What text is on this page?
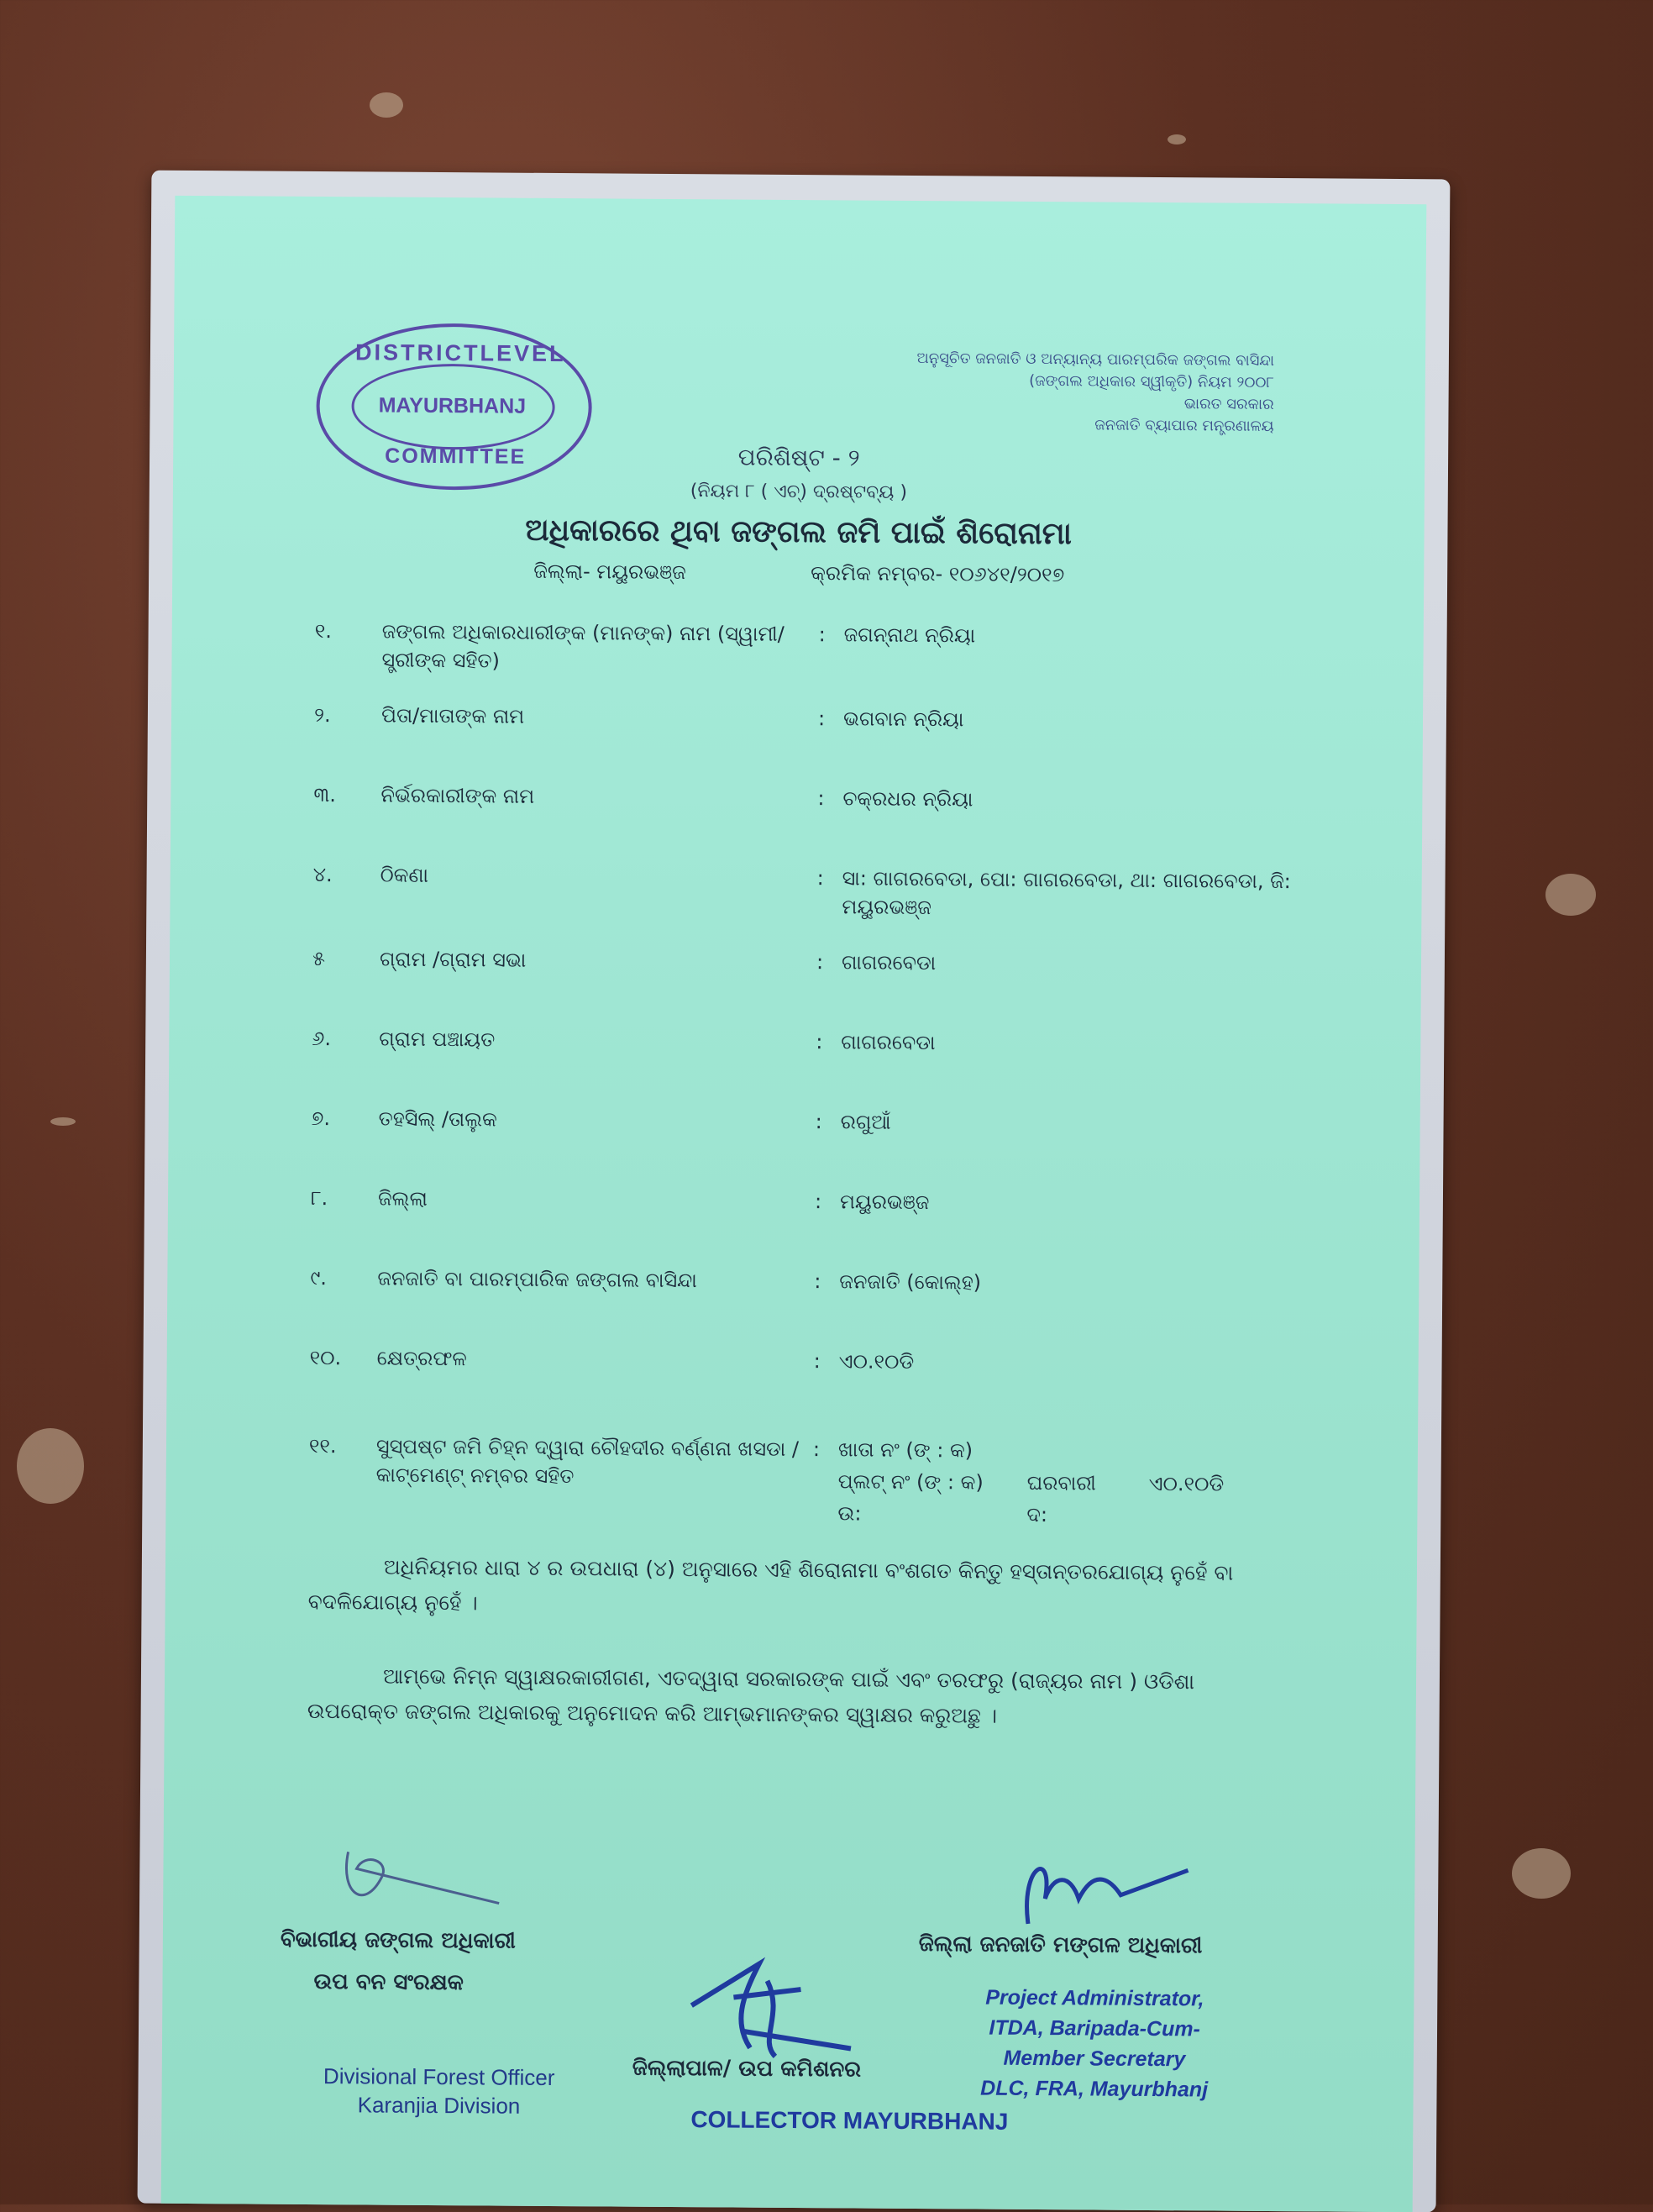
DISTRICTLEVEL
MAYURBHANJ
COMMITTEE
ଅନୁସୂଚିତ ଜନଜାତି ଓ ଅନ୍ୟାନ୍ୟ ପାରମ୍ପରିକ ଜଙ୍ଗଲ ବାସିନ୍ଦା
(ଜଙ୍ଗଲ ଅଧିକାର ସ୍ୱୀକୃତି) ନିୟମ ୨୦୦୮
ଭାରତ ସରକାର
ଜନଜାତି ବ୍ୟାପାର ମନ୍ତ୍ରଣାଳୟ
ପରିଶିଷ୍ଟ - ୨
(ନିୟମ ୮ ( ଏଚ୍) ଦ୍ରଷ୍ଟବ୍ୟ )
ଅଧିକାରରେ ଥିବା ଜଙ୍ଗଲ ଜମି ପାଇଁ ଶିରୋନାମା
ଜିଲ୍ଲା- ମୟୁରଭଞ୍ଜ	କ୍ରମିକ ନମ୍ବର- ୧୦୬୪୧/୨୦୧୭
୧.	ଜଙ୍ଗଲ ଅଧିକାରଧାରୀଙ୍କ (ମାନଙ୍କ) ନାମ (ସ୍ୱାମୀ/ସ୍ତ୍ରୀଙ୍କ ସହିତ)
: ଜଗନ୍ନାଥ ନ୍ରିୟା
୨.	ପିତା/ମାତାଙ୍କ ନାମ	: ଭଗବାନ ନ୍ରିୟା
୩.	ନିର୍ଭରକାରୀଙ୍କ ନାମ	: ଚକ୍ରଧର ନ୍ରିୟା
୪.	ଠିକଣା	: ସା: ଗାଗରବେଡା, ପୋ: ଗାଗରବେଡା, ଥା: ଗାଗରବେଡା, ଜି: ମୟୁରଭଞ୍ଜ
୫	ଗ୍ରାମ /ଗ୍ରାମ ସଭା	: ଗାଗରବେଡା
୬.	ଗ୍ରାମ ପଞ୍ଚାୟତ	: ଗାଗରବେଡା
୭.	ତହସିଲ୍ /ତାଲୁକ	: ରଗୁଆଁ
୮.	ଜିଲ୍ଲା	: ମୟୁରଭଞ୍ଜ
୯.	ଜନଜାତି ବା ପାରମ୍ପାରିକ ଜଙ୍ଗଲ ବାସିନ୍ଦା	: ଜନଜାତି (କୋଲ୍ହ)
୧୦.	କ୍ଷେତ୍ରଫଳ	: ଏ୦.୧୦ଡି
୧୧.	ସୁସ୍ପଷ୍ଟ ଜମି ଚିହ୍ନ ଦ୍ୱାରା ଚୌହଦୀର ବର୍ଣ୍ଣନା ଖସଡା / କାଟ୍‌ମେଣ୍ଟ୍ ନମ୍ବର ସହିତ
: ଖାତା ନଂ (ଙ୍ : କ)
ପ୍ଲଟ୍ ନଂ (ଙ୍ : କ)	ଘରବାରୀ	ଏ୦.୧୦ଡି
ଉ:	ଦ:
ଅଧିନିୟମର ଧାରା ୪ ର ଉପଧାରା (୪) ଅନୁସାରେ ଏହି ଶିରୋନାମା ବଂଶଗତ କିନ୍ତୁ ହସ୍ତାନ୍ତରଯୋଗ୍ୟ ନୁହେଁ ବା ବଦଳିଯୋଗ୍ୟ ନୁହେଁ ।
ଆମ୍ଭେ ନିମ୍ନ ସ୍ୱାକ୍ଷରକାରୀଗଣ, ଏତଦ୍ୱାରା ସରକାରଙ୍କ ପାଇଁ ଏବଂ ତରଫରୁ (ରାଜ୍ୟର ନାମ ) ଓଡିଶା ଉପରୋକ୍ତ ଜଙ୍ଗଲ ଅଧିକାରକୁ ଅନୁମୋଦନ କରି ଆମ୍ଭମାନଙ୍କର ସ୍ୱାକ୍ଷର କରୁଅଛୁ ।
ବିଭାଗୀୟ ଜଙ୍ଗଲ ଅଧିକାରୀ
ଉପ ବନ ସଂରକ୍ଷକ
Divisional Forest Officer
Karanjia Division
ଜିଲ୍ଲାପାଳ/ ଉପ କମିଶନର
COLLECTOR MAYURBHANJ
ଜିଲ୍ଲା ଜନଜାତି ମଙ୍ଗଳ ଅଧିକାରୀ
Project Administrator,
ITDA, Baripada-Cum-
Member Secretary
DLC, FRA, Mayurbhanj
